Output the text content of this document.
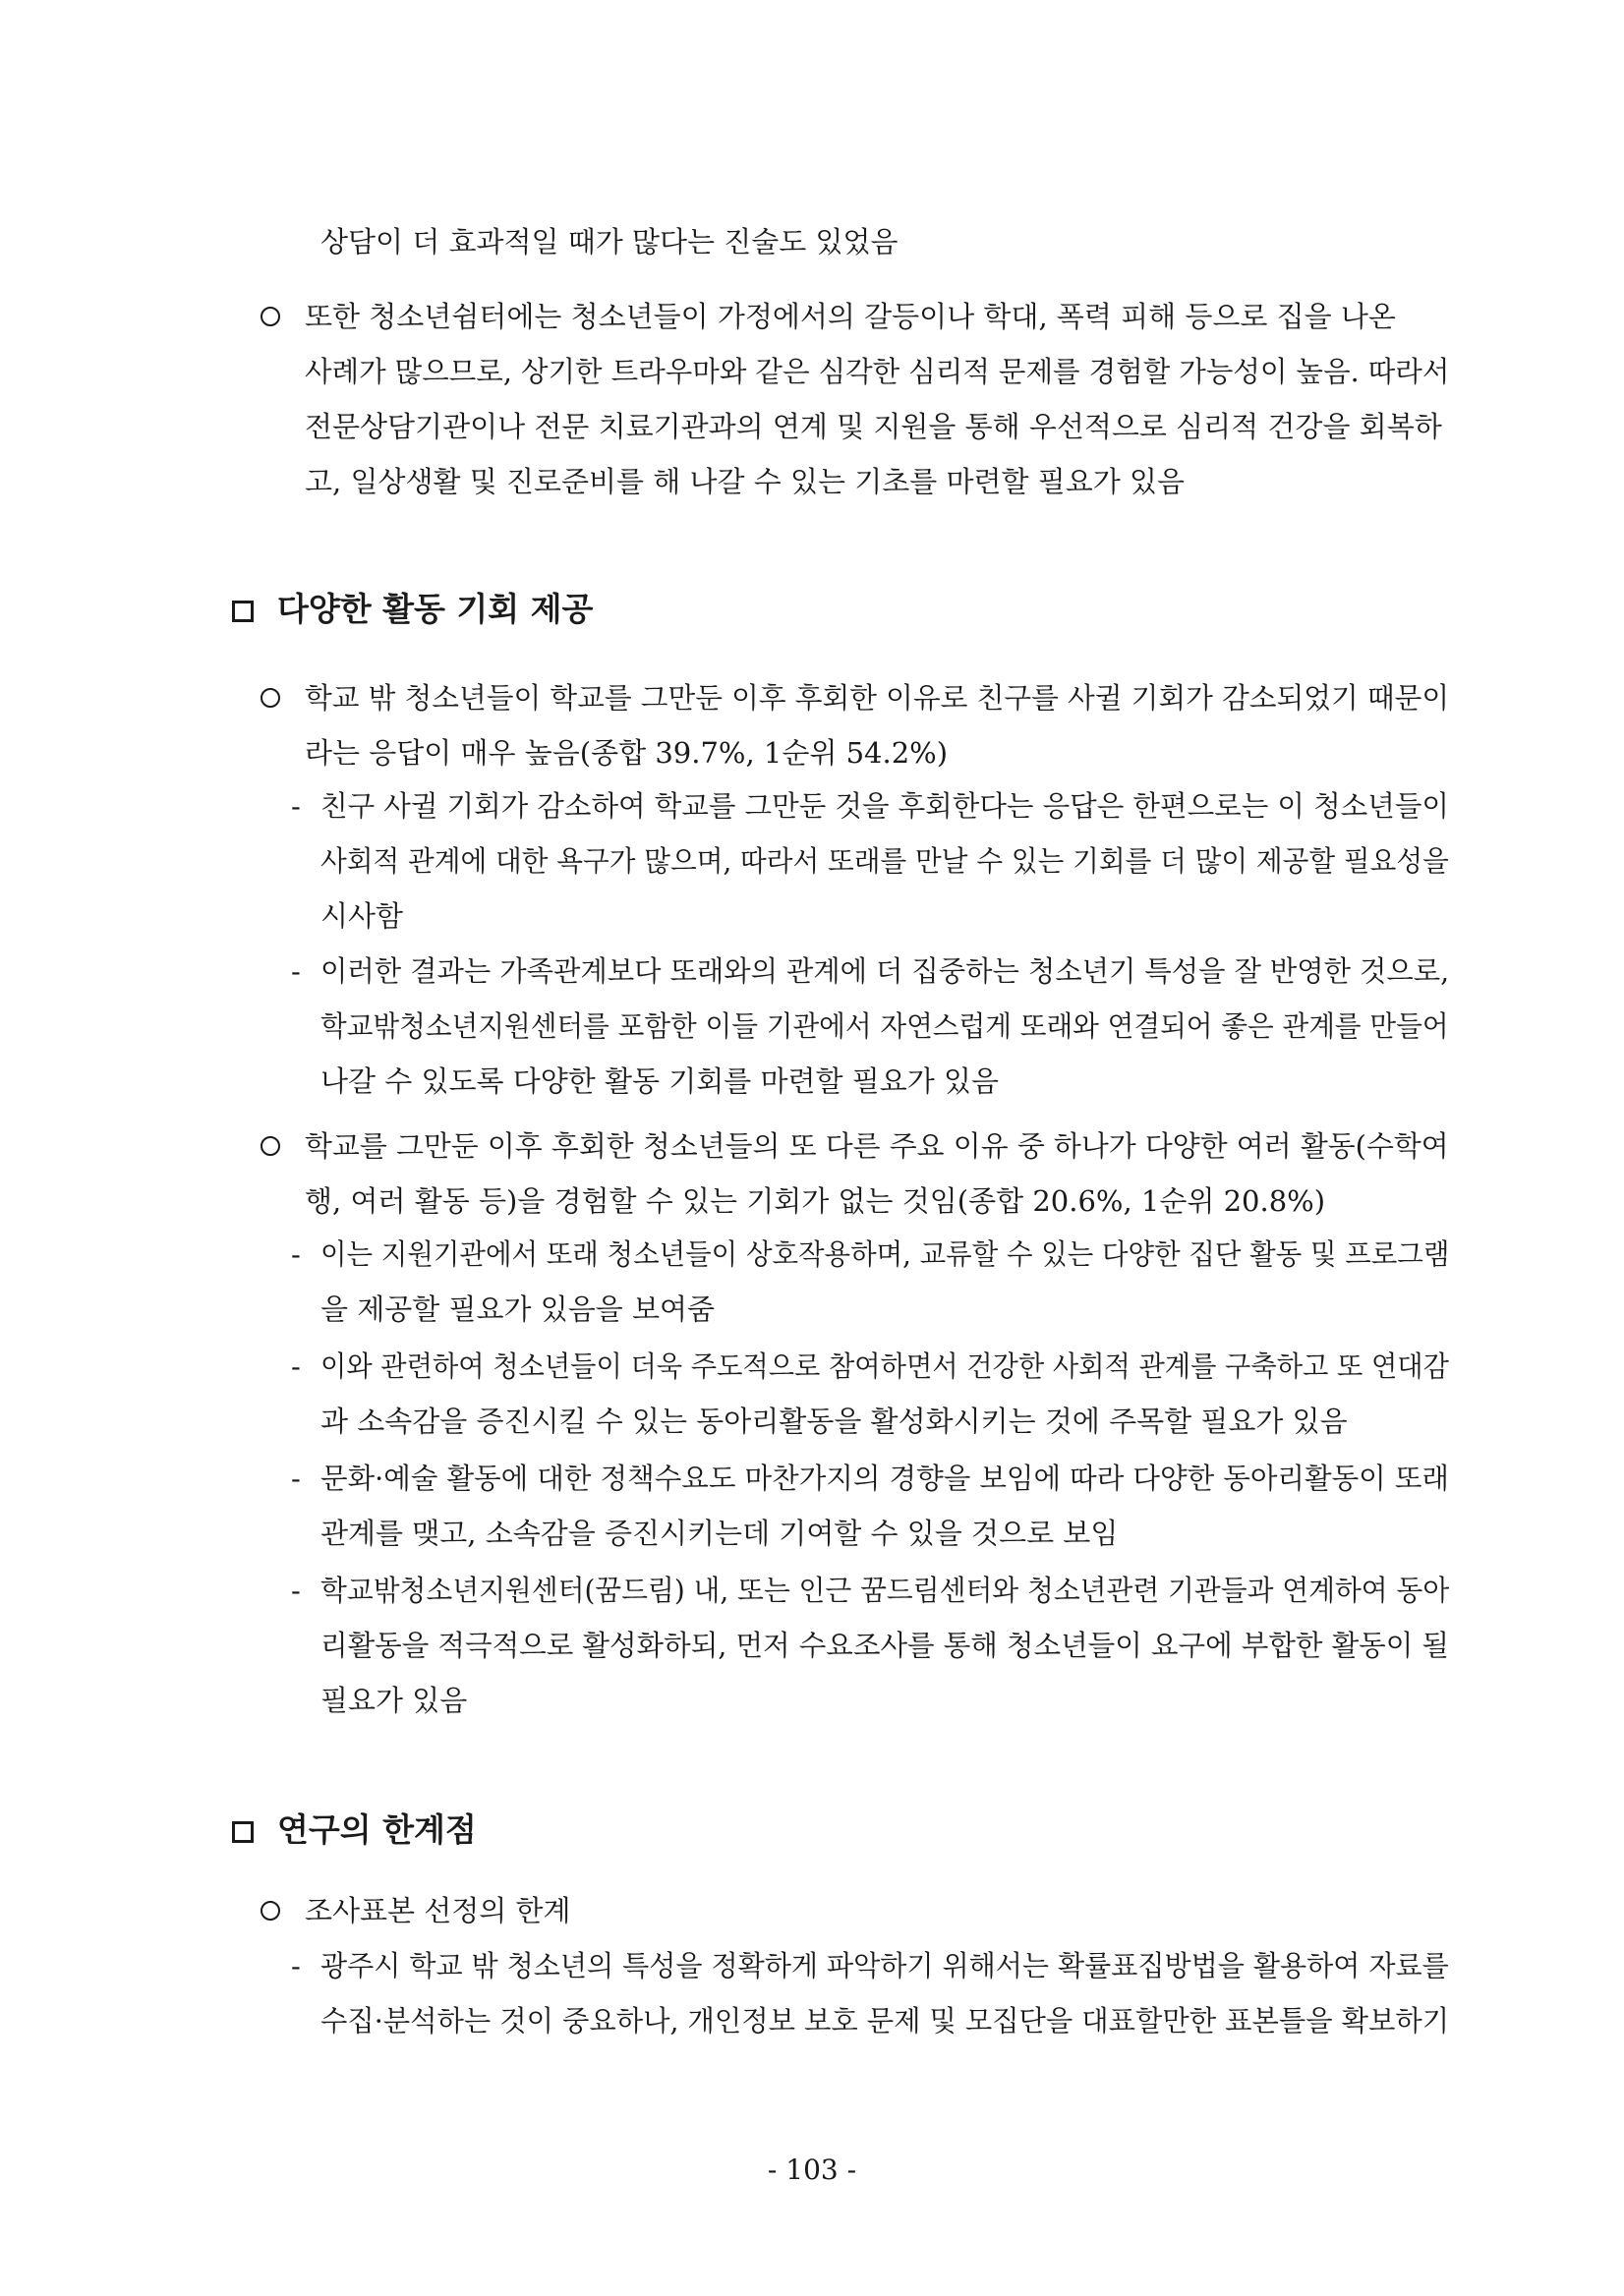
상담이 더 효과적일 때가 많다는 진술도 있었음
또한 청소년쉼터에는 청소년들이 가정에서의 갈등이나 학대, 폭력 피해 등으로 집을 나온
사례가 많으므로, 상기한 트라우마와 같은 심각한 심리적 문제를 경험할 가능성이 높음. 따라서
전문상담기관이나 전문 치료기관과의 연계 및 지원을 통해 우선적으로 심리적 건강을 회복하
고, 일상생활 및 진로준비를 해 나갈 수 있는 기초를 마련할 필요가 있음
다양한 활동 기회 제공
학교 밖 청소년들이 학교를 그만둔 이후 후회한 이유로 친구를 사귈 기회가 감소되었기 때문이
라는 응답이 매우 높음(종합 39.7%, 1순위 54.2%)
- 친구 사귈 기회가 감소하여 학교를 그만둔 것을 후회한다는 응답은 한편으로는 이 청소년들이
사회적 관계에 대한 욕구가 많으며, 따라서 또래를 만날 수 있는 기회를 더 많이 제공할 필요성을
시사함
- 이러한 결과는 가족관계보다 또래와의 관계에 더 집중하는 청소년기 특성을 잘 반영한 것으로,
학교밖청소년지원센터를 포함한 이들 기관에서 자연스럽게 또래와 연결되어 좋은 관계를 만들어
나갈 수 있도록 다양한 활동 기회를 마련할 필요가 있음
학교를 그만둔 이후 후회한 청소년들의 또 다른 주요 이유 중 하나가 다양한 여러 활동(수학여
행, 여러 활동 등)을 경험할 수 있는 기회가 없는 것임(종합 20.6%, 1순위 20.8%)
- 이는 지원기관에서 또래 청소년들이 상호작용하며, 교류할 수 있는 다양한 집단 활동 및 프로그램
을 제공할 필요가 있음을 보여줌
- 이와 관련하여 청소년들이 더욱 주도적으로 참여하면서 건강한 사회적 관계를 구축하고 또 연대감
과 소속감을 증진시킬 수 있는 동아리활동을 활성화시키는 것에 주목할 필요가 있음
- 문화·예술 활동에 대한 정책수요도 마찬가지의 경향을 보임에 따라 다양한 동아리활동이 또래
관계를 맺고, 소속감을 증진시키는데 기여할 수 있을 것으로 보임
- 학교밖청소년지원센터(꿈드림) 내, 또는 인근 꿈드림센터와 청소년관련 기관들과 연계하여 동아
리활동을 적극적으로 활성화하되, 먼저 수요조사를 통해 청소년들이 요구에 부합한 활동이 될
필요가 있음
연구의 한계점
조사표본 선정의 한계
- 광주시 학교 밖 청소년의 특성을 정확하게 파악하기 위해서는 확률표집방법을 활용하여 자료를
수집·분석하는 것이 중요하나, 개인정보 보호 문제 및 모집단을 대표할만한 표본틀을 확보하기
- 103 -
